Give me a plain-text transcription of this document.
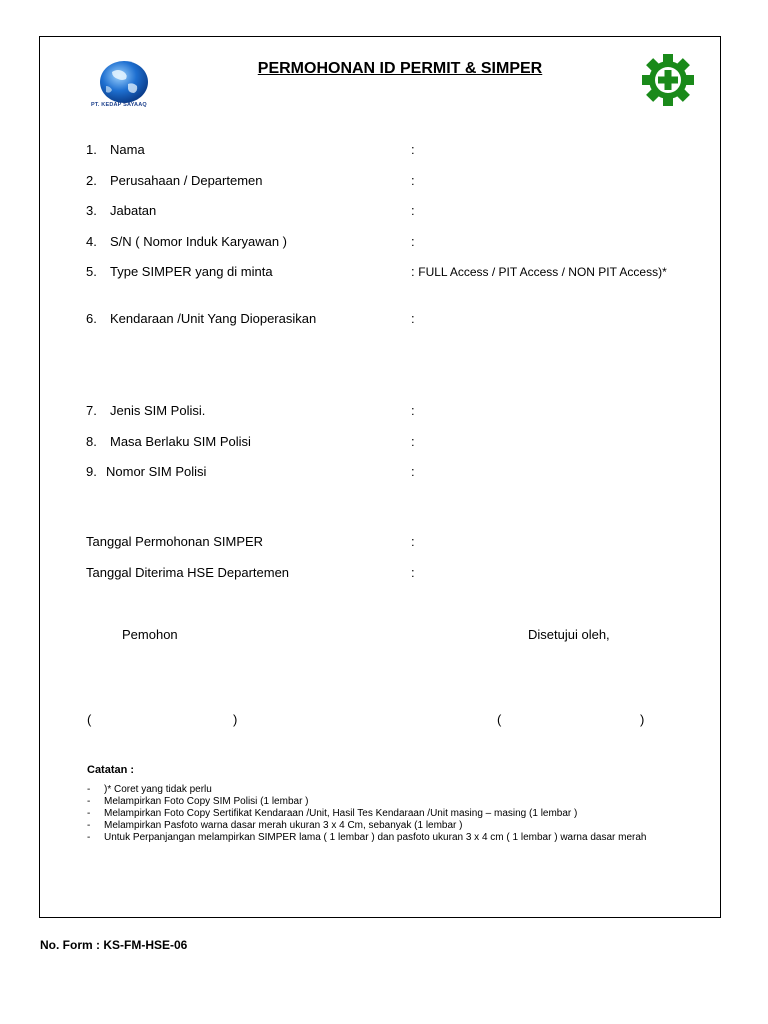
PT. KEDAP SAYAAQ
PERMOHONAN ID PERMIT & SIMPER
1. Nama	:
2. Perusahaan / Departemen	:
3. Jabatan	:
4. S/N ( Nomor Induk Karyawan )	:
5. Type SIMPER yang di minta	: FULL Access / PIT Access / NON PIT Access)*
6. Kendaraan /Unit Yang Dioperasikan	:
7. Jenis SIM Polisi.	:
8. Masa Berlaku SIM Polisi	:
9. Nomor SIM Polisi	:
Tanggal Permohonan SIMPER	:
Tanggal Diterima HSE Departemen	:
Pemohon	Disetujui oleh,
(	)	(	)
Catatan :
-	)* Coret yang tidak perlu
-	Melampirkan Foto Copy SIM Polisi (1 lembar )
-	Melampirkan Foto Copy Sertifikat Kendaraan /Unit, Hasil Tes Kendaraan /Unit masing – masing (1 lembar )
-	Melampirkan Pasfoto warna dasar merah ukuran 3 x 4 Cm, sebanyak (1 lembar )
-	Untuk Perpanjangan melampirkan SIMPER lama ( 1 lembar ) dan pasfoto ukuran 3 x 4 cm ( 1 lembar ) warna dasar merah
No. Form : KS-FM-HSE-06
